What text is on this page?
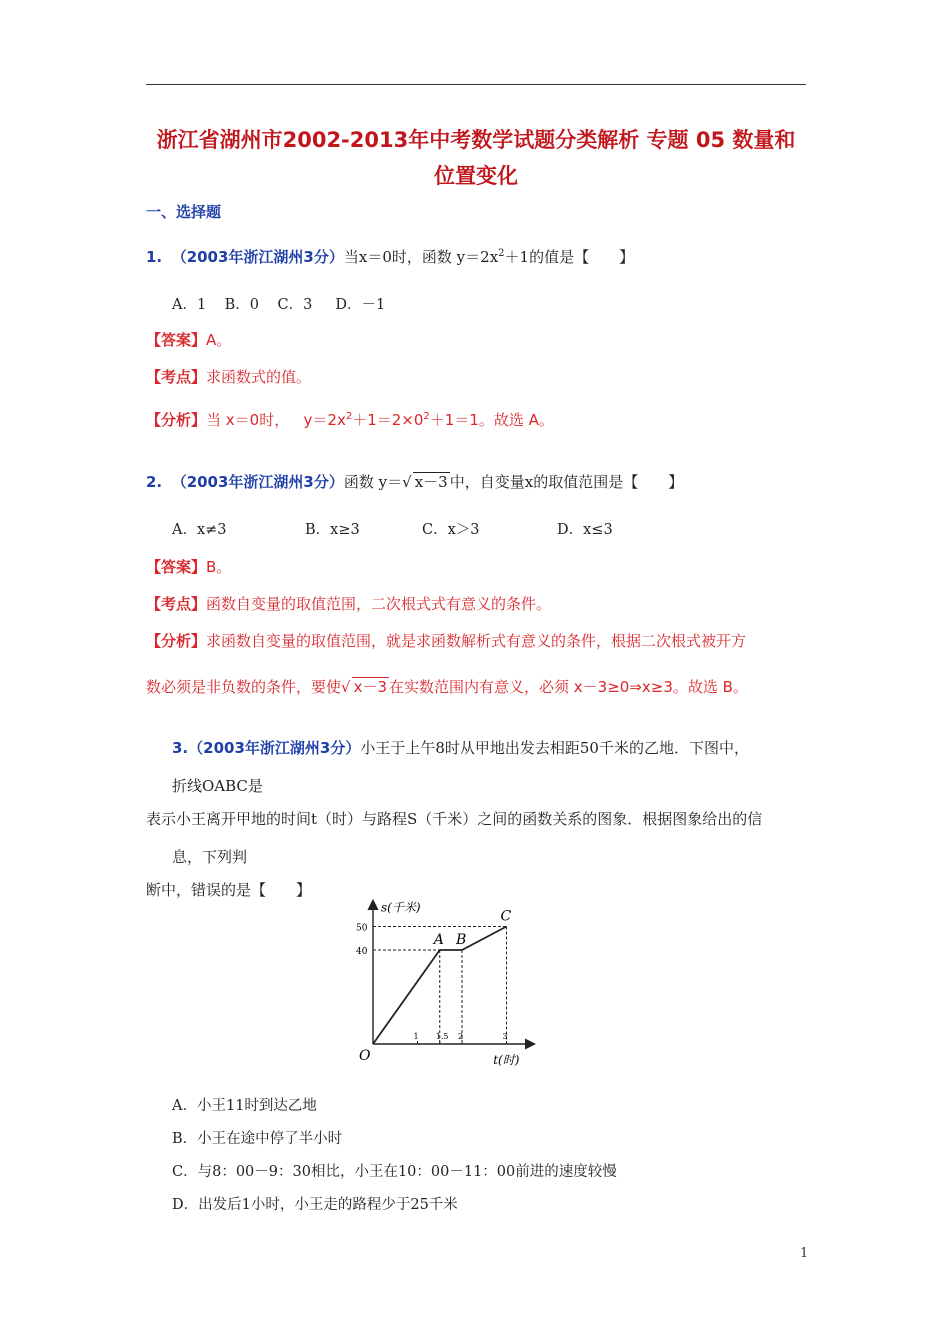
浙江省湖州市2002-2013年中考数学试题分类解析 专题 05 数量和
位置变化
一、选择题
1. （2003年浙江湖州3分）当x＝0时，函数 $y=2x^2+1$的值是【　　】
A．1 B．0 C．3 D．－1
【答案】A。
【考点】求函数式的值。
【分析】当 x＝0时， $y=2x^2+1=2\times 0^2+1=1$。故选 A。
2. （2003年浙江湖州3分）函数 y＝√ x－3 中，自变量x的取值范围是【　　】
A．x≠3	B．x≥3	C．x＞3	D．x≤3
【答案】B。
【考点】函数自变量的取值范围，二次根式式有意义的条件。
【分析】求函数自变量的取值范围，就是求函数解析式有意义的条件，根据二次根式被开方
数必须是非负数的条件，要使√ x－3 在实数范围内有意义，必须 x－3≥0⇒x≥3。故选 B。
3.（2003年浙江湖州3分）小王于上午8时从甲地出发去相距50千米的乙地．下图中，
折线OABC是
表示小王离开甲地的时间t（时）与路程S（千米）之间的函数关系的图象．根据图象给出的信
息，下列判
断中，错误的是【　　】
s(千米)
t(时)
O
40
50
1 1.5 2	3
A B
C
A．小王11时到达乙地
B．小王在途中停了半小时
C．与8：00－9：30相比，小王在10：00－11：00前进的速度较慢
D．出发后1小时，小王走的路程少于25千米
1
